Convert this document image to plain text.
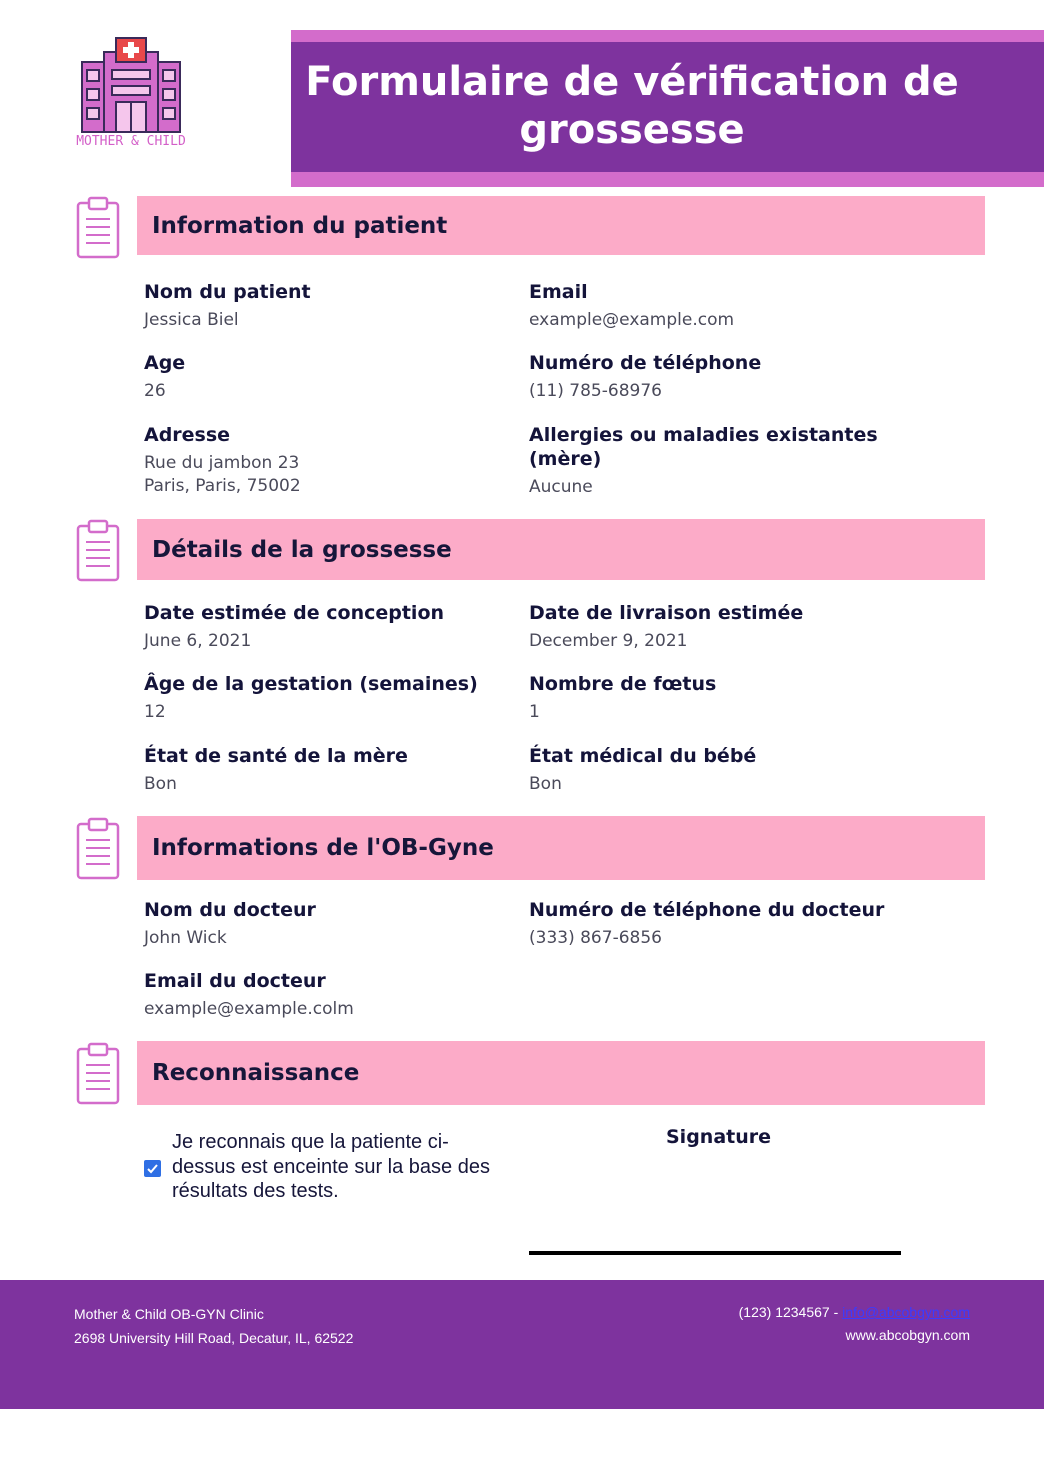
MOTHER & CHILD
Formulaire de vérification de grossesse
Information du patient
Nom du patient
Jessica Biel
Email
example@example.com
Age
26
Numéro de téléphone
(11) 785-68976
Adresse
Rue du jambon 23
Paris, Paris, 75002
Allergies ou maladies existantes (mère)
Aucune
Détails de la grossesse
Date estimée de conception
June 6, 2021
Date de livraison estimée
December 9, 2021
Âge de la gestation (semaines)
12
Nombre de fœtus
1
État de santé de la mère
Bon
État médical du bébé
Bon
Informations de l'OB-Gyne
Nom du docteur
John Wick
Numéro de téléphone du docteur
(333) 867-6856
Email du docteur
example@example.colm
Reconnaissance
Je reconnais que la patiente ci-dessus est enceinte sur la base des résultats des tests.
Signature
Mother & Child OB-GYN Clinic
2698 University Hill Road, Decatur, IL, 62522
(123) 1234567 - info@abcobgyn.com
www.abcobgyn.com
